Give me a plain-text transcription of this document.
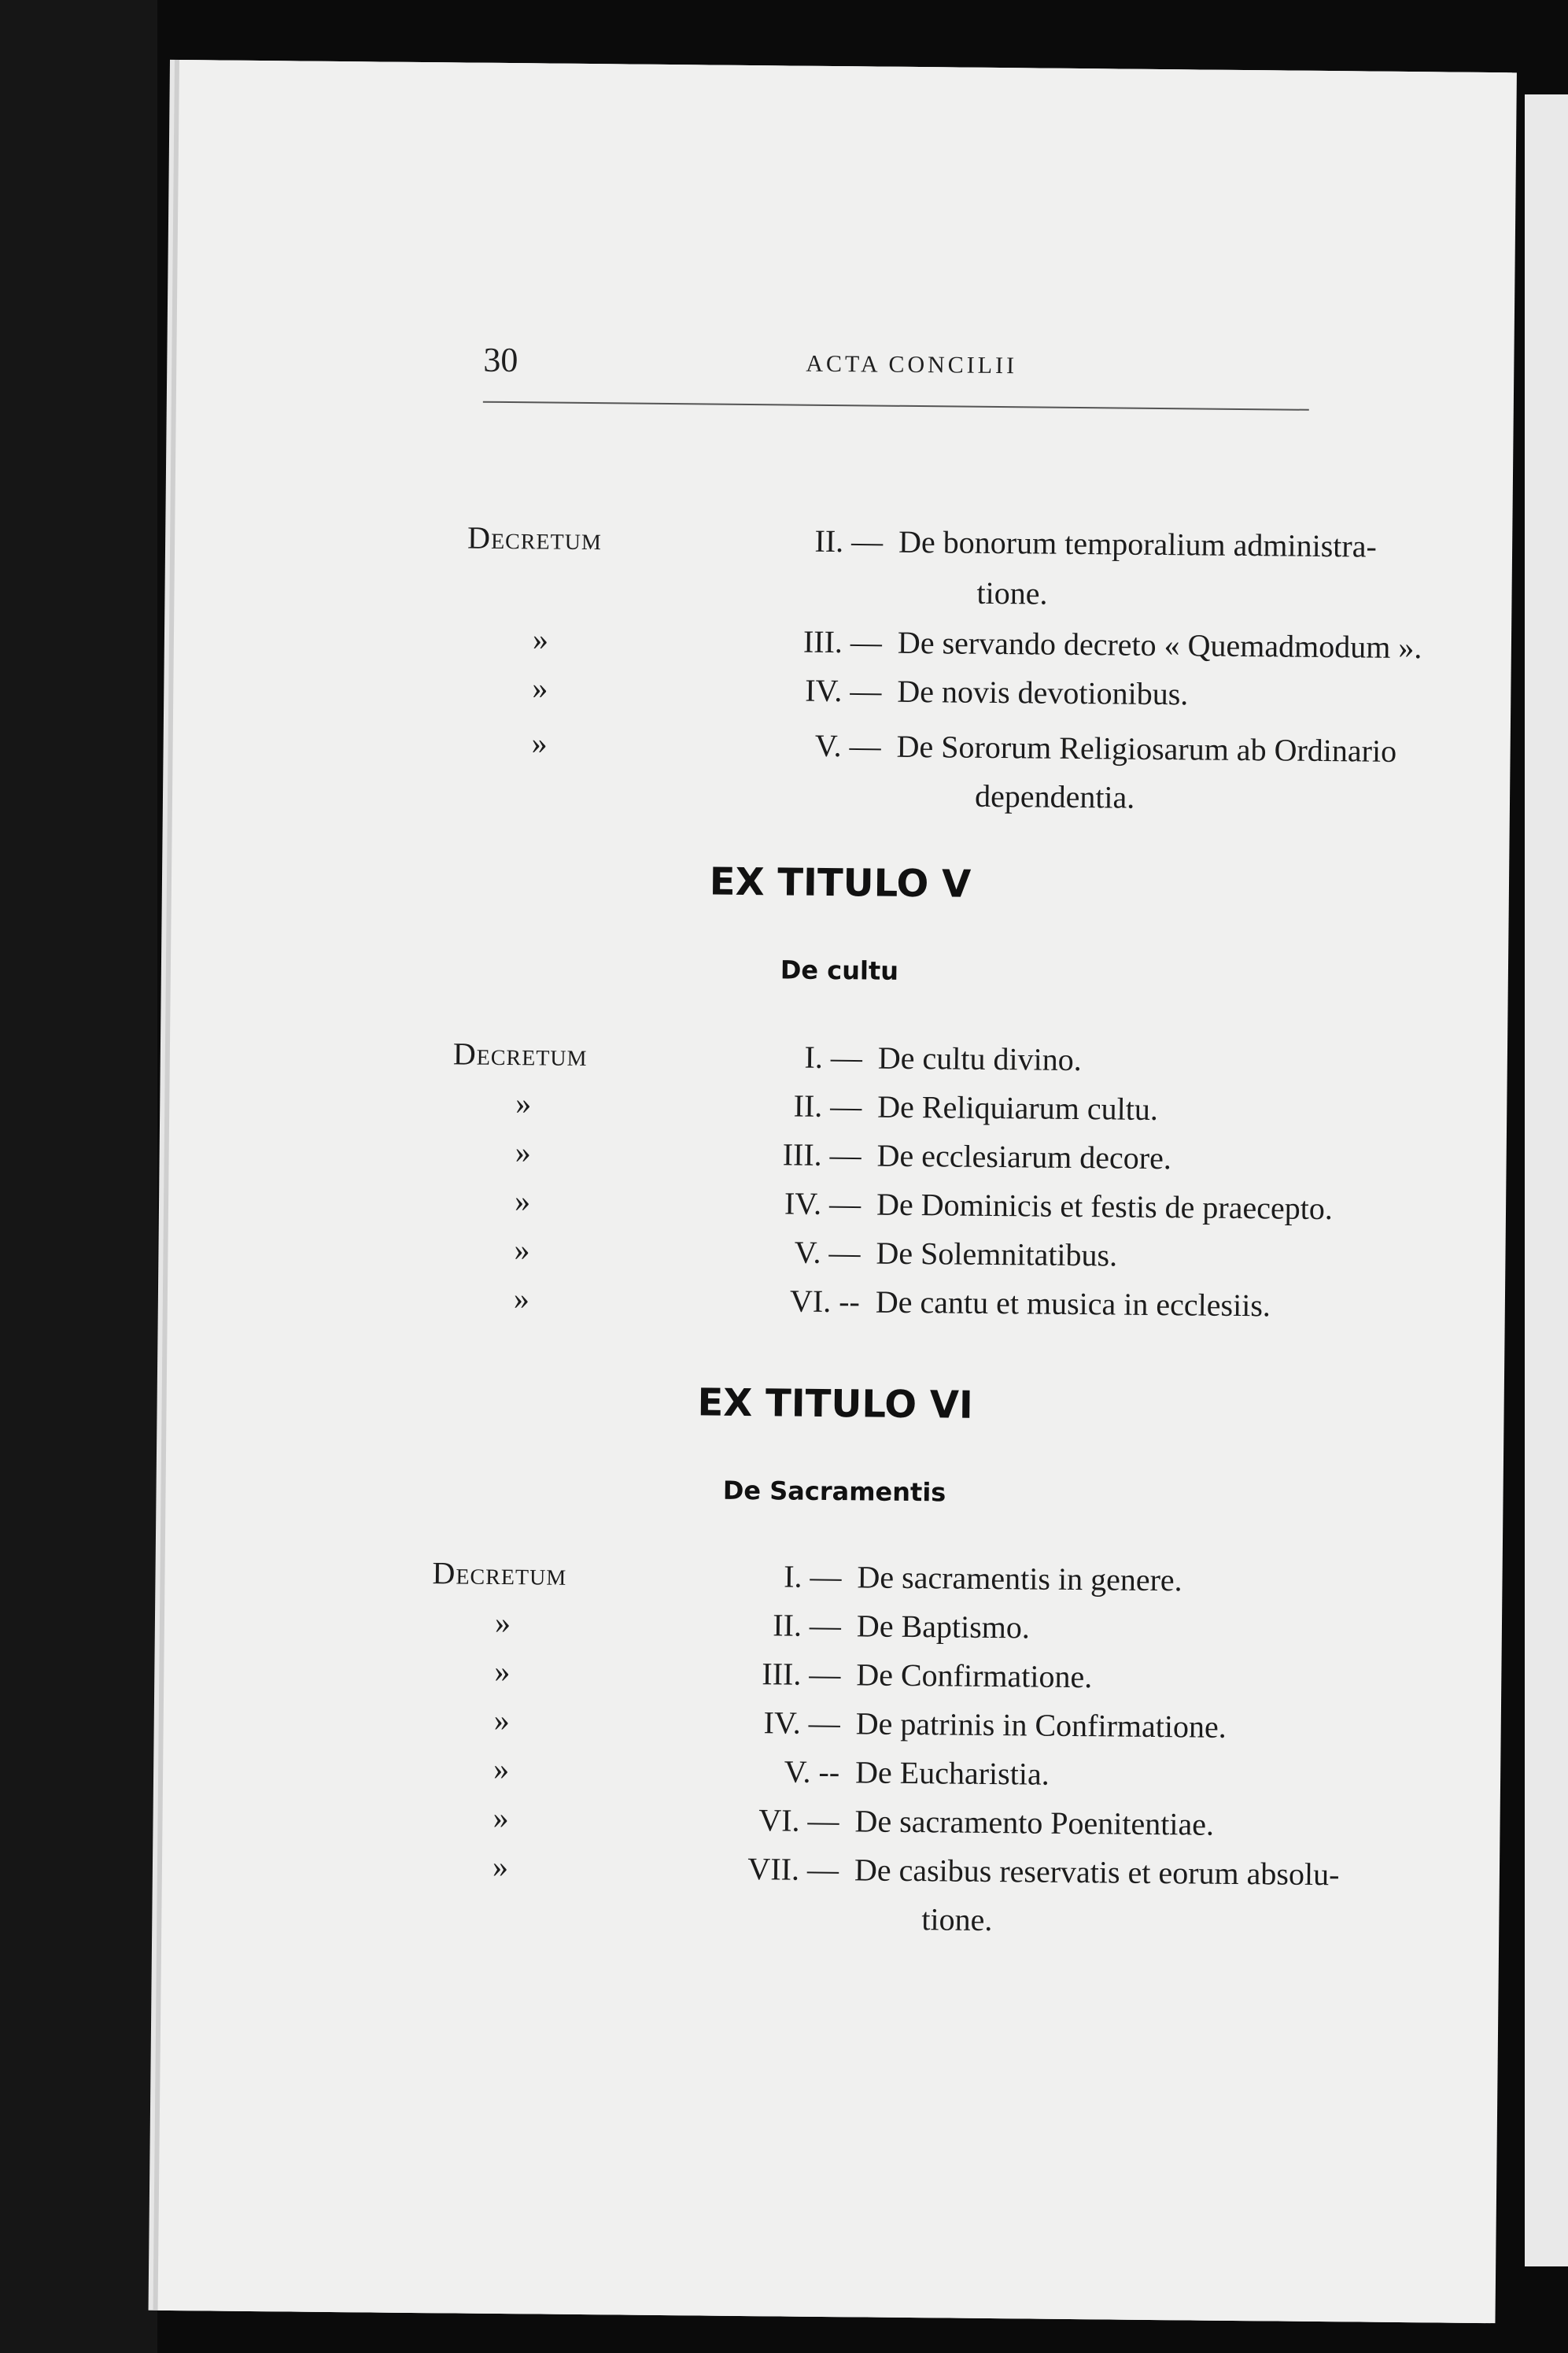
30	ACTA CONCILII
Decretum	II. — De bonorum temporalium administra-
tione.
»	III. — De servando decreto « Quemadmodum ».
»	IV. — De novis devotionibus.
»	V. — De Sororum Religiosarum ab Ordinario
dependentia.
EX TITULO V
De cultu
Decretum	I. — De cultu divino.
»	II. — De Reliquiarum cultu.
»	III. — De ecclesiarum decore.
»	IV. — De Dominicis et festis de praecepto.
»	V. — De Solemnitatibus.
»	VI. -- De cantu et musica in ecclesiis.
EX TITULO VI
De Sacramentis
Decretum	I. — De sacramentis in genere.
»	II. — De Baptismo.
»	III. — De Confirmatione.
»	IV. — De patrinis in Confirmatione.
»	V. -- De Eucharistia.
»	VI. — De sacramento Poenitentiae.
»	VII. — De casibus reservatis et eorum absolu-
tione.
